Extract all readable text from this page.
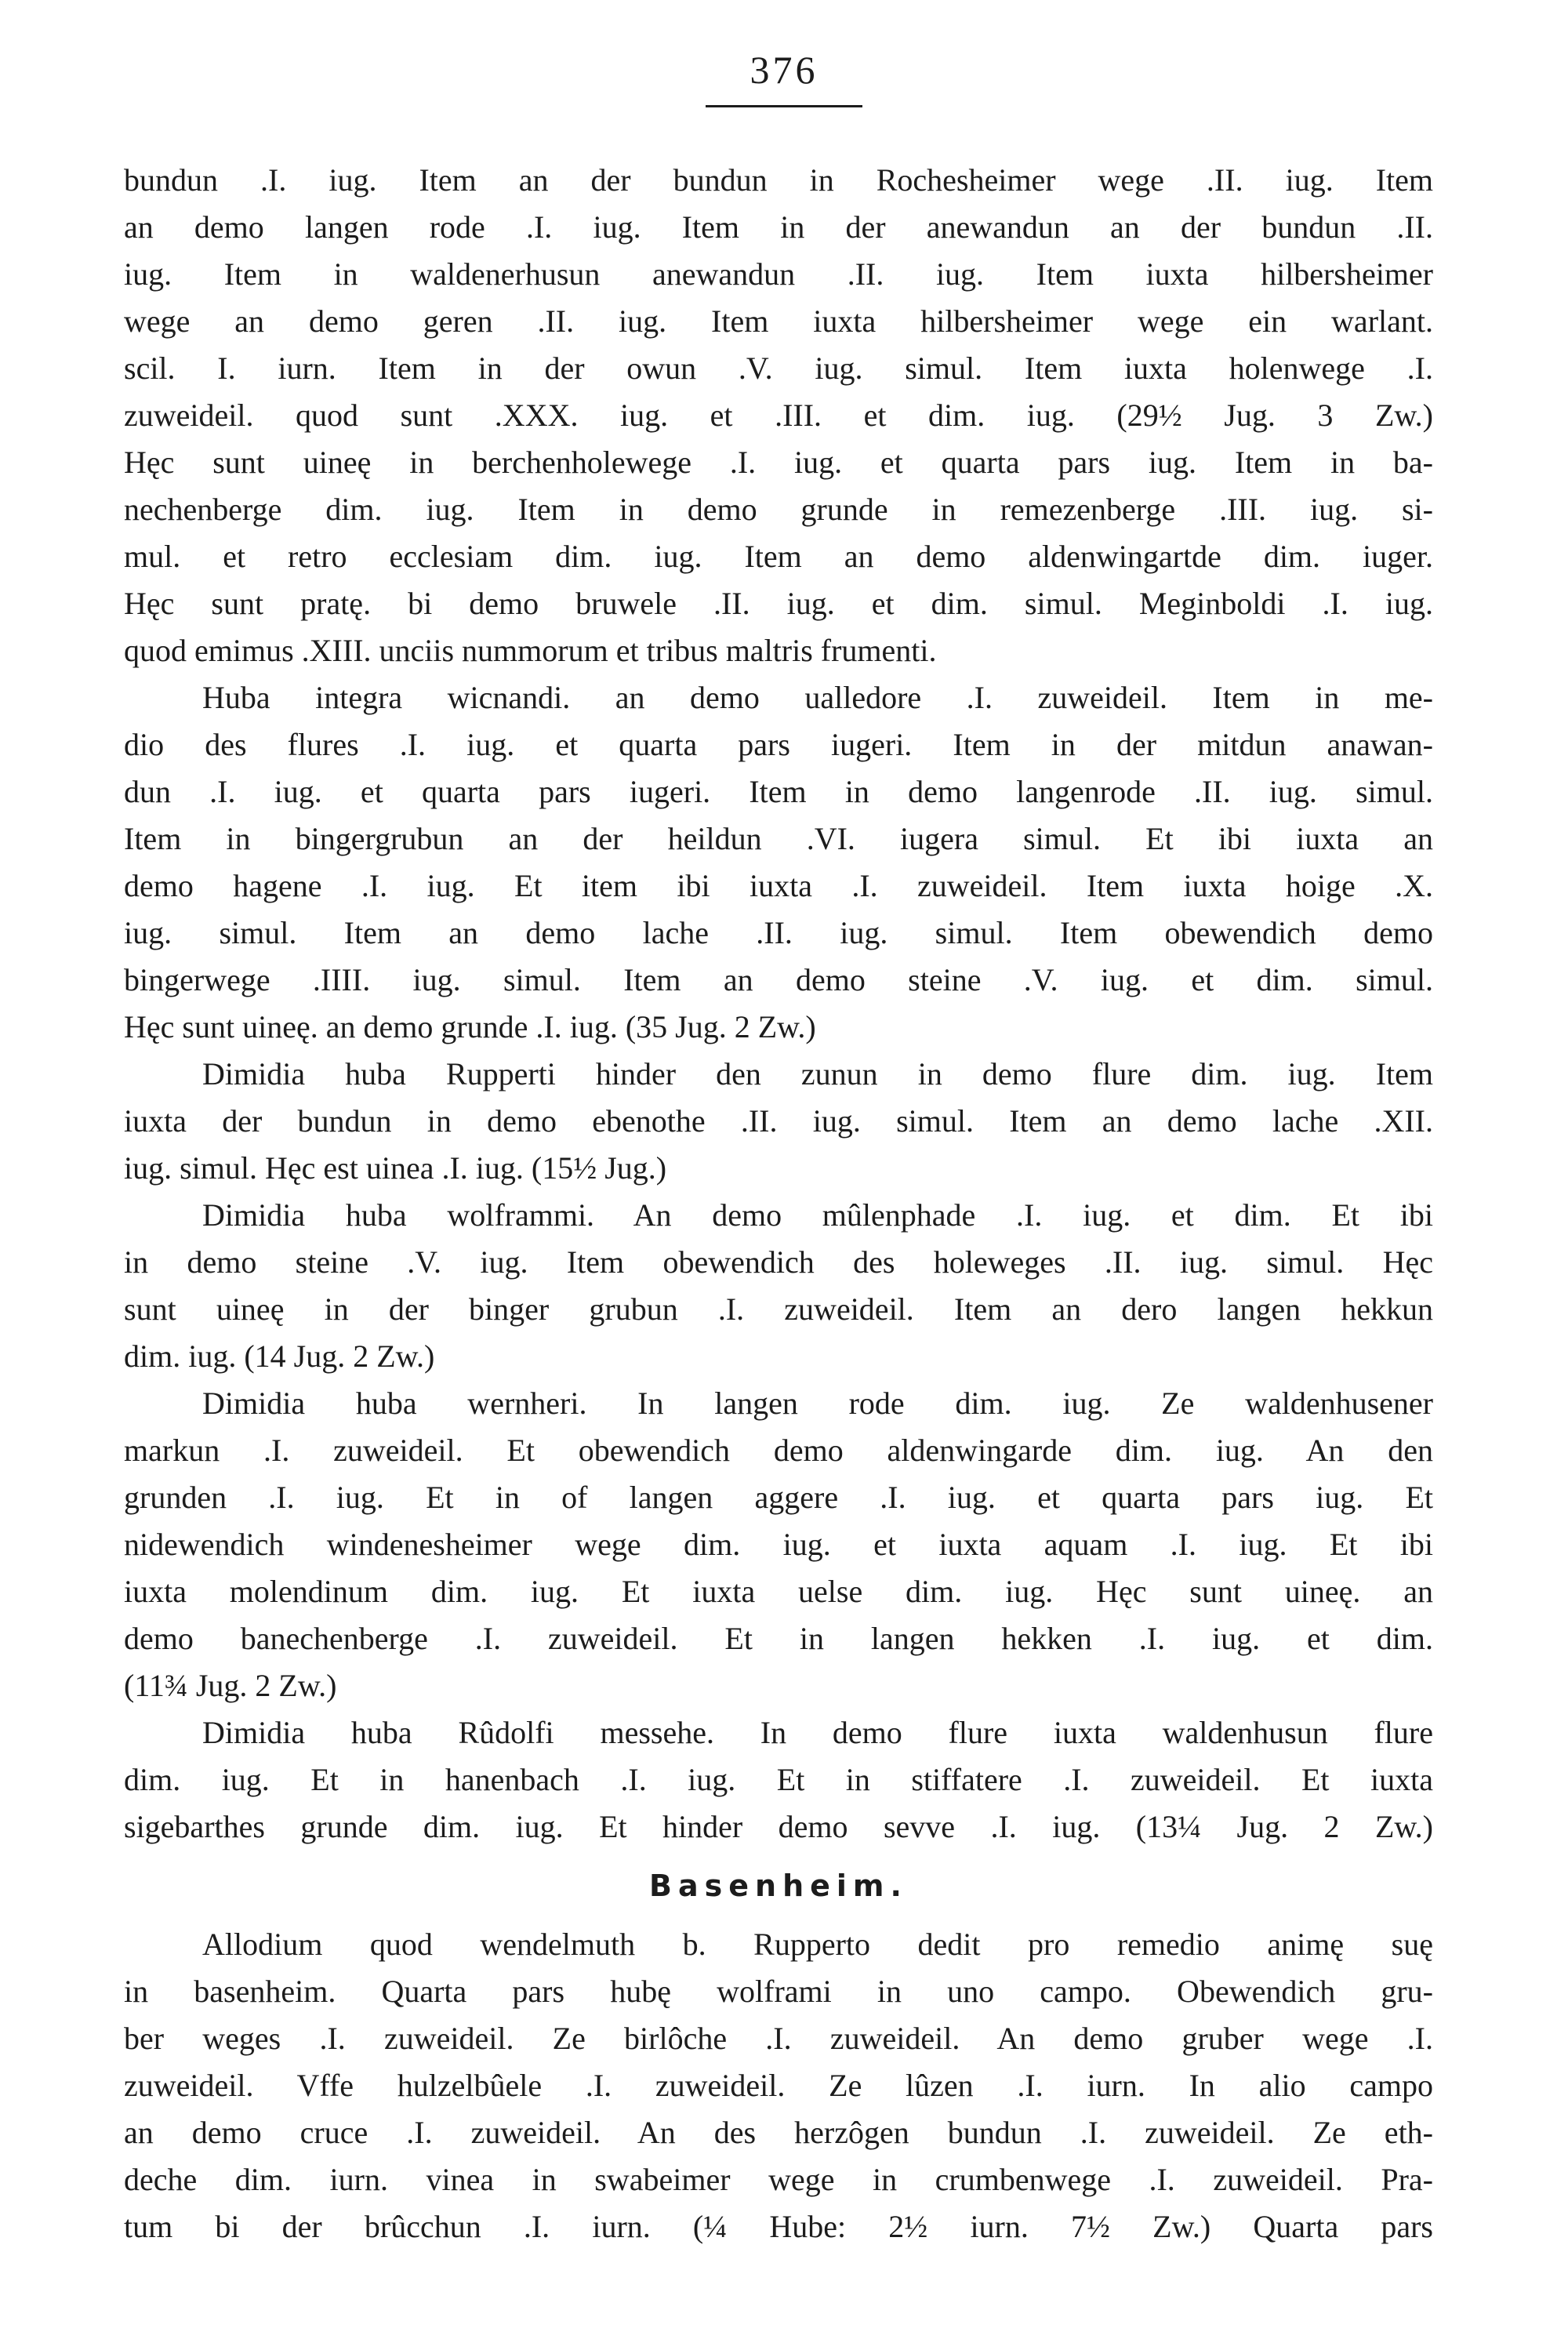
376
bundun .I. iug. Item an der bundun in Rochesheimer wege .II. iug. Item
an demo langen rode .I. iug. Item in der anewandun an der bundun .II.
iug. Item in waldenerhusun anewandun .II. iug. Item iuxta hilbersheimer
wege an demo geren .II. iug. Item iuxta hilbersheimer wege ein warlant.
scil. I. iurn. Item in der owun .V. iug. simul. Item iuxta holenwege .I.
zuweideil. quod sunt .XXX. iug. et .III. et dim. iug. (29½ Jug. 3 Zw.)
Hęc sunt uineę in berchenholewege .I. iug. et quarta pars iug. Item in ba-
nechenberge dim. iug. Item in demo grunde in remezenberge .III. iug. si-
mul. et retro ecclesiam dim. iug. Item an demo aldenwingartde dim. iuger.
Hęc sunt pratę. bi demo bruwele .II. iug. et dim. simul. Meginboldi .I. iug.
quod emimus .XIII. unciis nummorum et tribus maltris frumenti.
Huba integra wicnandi. an demo ualledore .I. zuweideil. Item in me-
dio des flures .I. iug. et quarta pars iugeri. Item in der mitdun anawan-
dun .I. iug. et quarta pars iugeri. Item in demo langenrode .II. iug. simul.
Item in bingergrubun an der heildun .VI. iugera simul. Et ibi iuxta an
demo hagene .I. iug. Et item ibi iuxta .I. zuweideil. Item iuxta hoige .X.
iug. simul. Item an demo lache .II. iug. simul. Item obewendich demo
bingerwege .IIII. iug. simul. Item an demo steine .V. iug. et dim. simul.
Hęc sunt uineę. an demo grunde .I. iug. (35 Jug. 2 Zw.)
Dimidia huba Rupperti hinder den zunun in demo flure dim. iug. Item
iuxta der bundun in demo ebenothe .II. iug. simul. Item an demo lache .XII.
iug. simul. Hęc est uinea .I. iug. (15½ Jug.)
Dimidia huba wolframmi. An demo mûlenphade .I. iug. et dim. Et ibi
in demo steine .V. iug. Item obewendich des holeweges .II. iug. simul. Hęc
sunt uineę in der binger grubun .I. zuweideil. Item an dero langen hekkun
dim. iug. (14 Jug. 2 Zw.)
Dimidia huba wernheri. In langen rode dim. iug. Ze waldenhusener
markun .I. zuweideil. Et obewendich demo aldenwingarde dim. iug. An den
grunden .I. iug. Et in of langen aggere .I. iug. et quarta pars iug. Et
nidewendich windenesheimer wege dim. iug. et iuxta aquam .I. iug. Et ibi
iuxta molendinum dim. iug. Et iuxta uelse dim. iug. Hęc sunt uineę. an
demo banechenberge .I. zuweideil. Et in langen hekken .I. iug. et dim.
(11¾ Jug. 2 Zw.)
Dimidia huba Rûdolfi messehe. In demo flure iuxta waldenhusun flure
dim. iug. Et in hanenbach .I. iug. Et in stiffatere .I. zuweideil. Et iuxta
sigebarthes grunde dim. iug. Et hinder demo sevve .I. iug. (13¼ Jug. 2 Zw.)
Basenheim.
Allodium quod wendelmuth b. Rupperto dedit pro remedio animę suę
in basenheim. Quarta pars hubę wolframi in uno campo. Obewendich gru-
ber weges .I. zuweideil. Ze birlôche .I. zuweideil. An demo gruber wege .I.
zuweideil. Vffe hulzelbûele .I. zuweideil. Ze lûzen .I. iurn. In alio campo
an demo cruce .I. zuweideil. An des herzôgen bundun .I. zuweideil. Ze eth-
deche dim. iurn. vinea in swabeimer wege in crumbenwege .I. zuweideil. Pra-
tum bi der brûcchun .I. iurn. (¼ Hube: 2½ iurn. 7½ Zw.) Quarta pars
